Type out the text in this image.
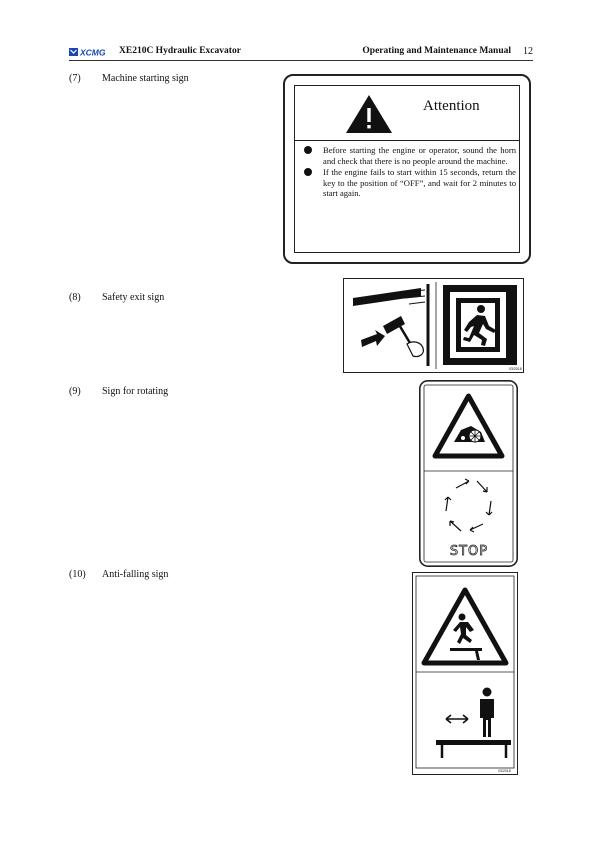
XCMG XE210C Hydraulic Excavator	Operating and Maintenance Manual 12
(7) Machine starting sign
Attention
Before starting the engine or operator, sound the horn and check that there is no people around the machine.
If the engine fails to start within 15 seconds, return the key to the position of “OFF”, and wait for 2 minutes to start again.
(8) Safety exit sign
03/2018
(9) Sign for rotating
STOP
(10) Anti-falling sign
03/2018
